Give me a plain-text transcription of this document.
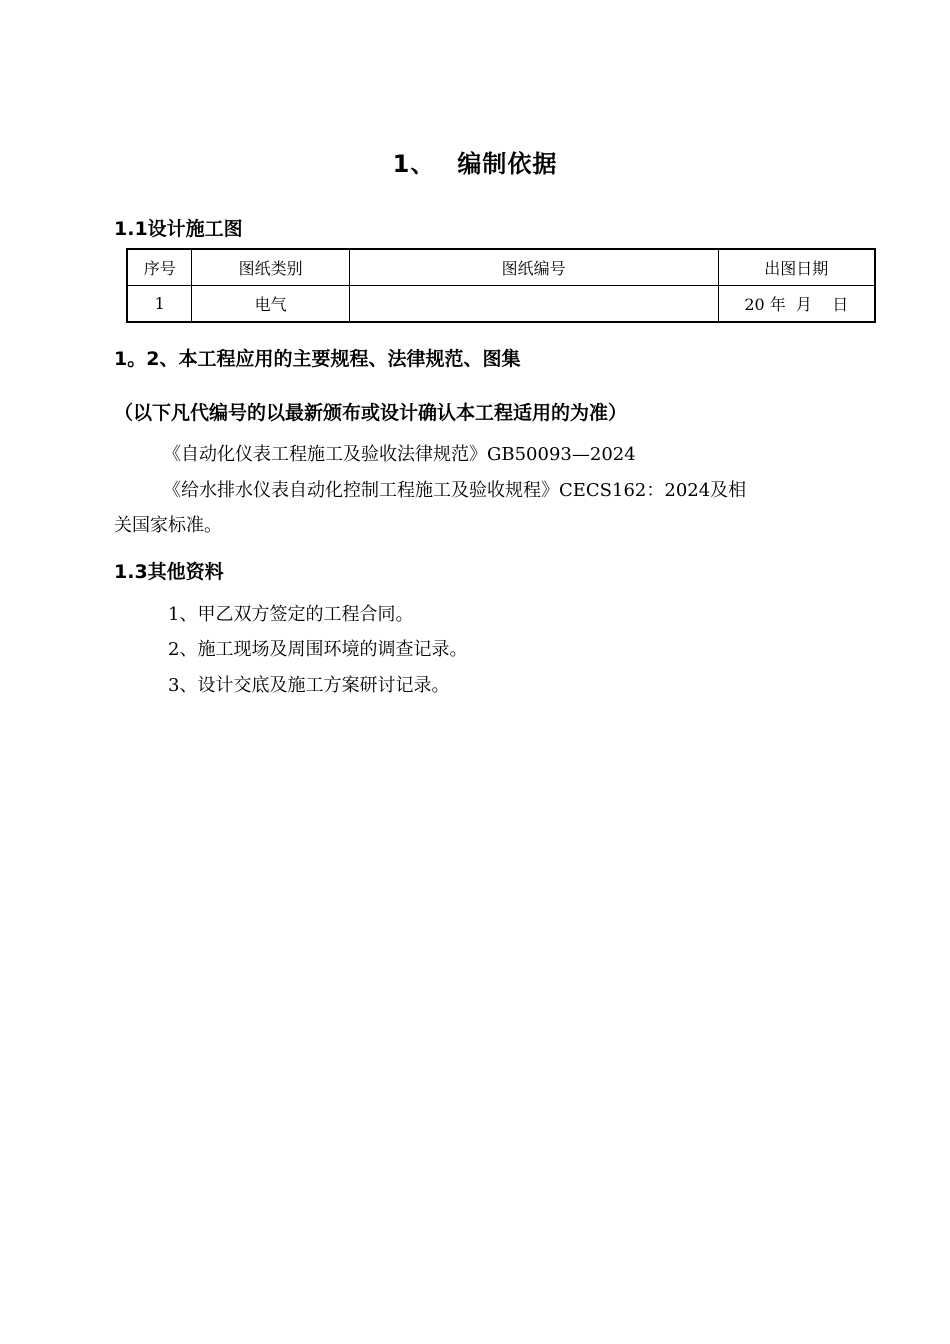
1、 编制依据
1.1设计施工图
序号	图纸类别	图纸编号	出图日期
1	电气		20 年  月    日
1。2、本工程应用的主要规程、法律规范、图集

（以下凡代编号的以最新颁布或设计确认本工程适用的为准）

《自动化仪表工程施工及验收法律规范》GB50093—2024

《给水排水仪表自动化控制工程施工及验收规程》CECS162：2024及相

关国家标准。

1.3其他资料

1、甲乙双方签定的工程合同。

2、施工现场及周围环境的调查记录。

3、设计交底及施工方案研讨记录。
